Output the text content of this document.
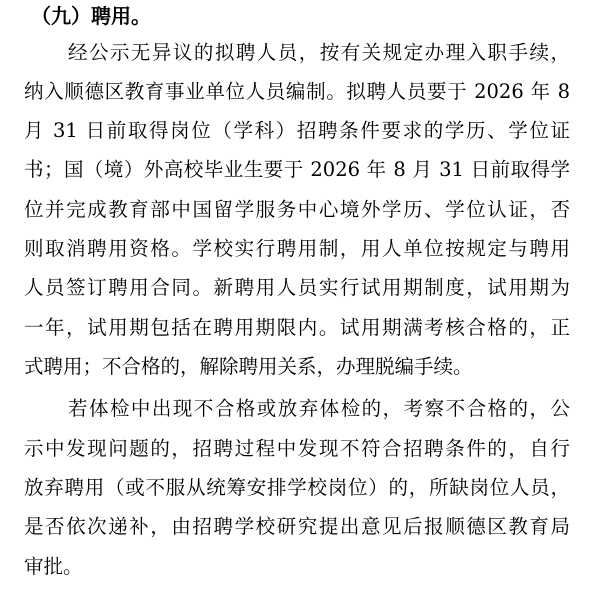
（九）聘用。
经公示无异议的拟聘人员，按有关规定办理入职手续，
纳入顺德区教育事业单位人员编制。拟聘人员要于 2026 年 8
月 31 日前取得岗位（学科）招聘条件要求的学历、学位证
书；国（境）外高校毕业生要于 2026 年 8 月 31 日前取得学
位并完成教育部中国留学服务中心境外学历、学位认证，否
则取消聘用资格。学校实行聘用制，用人单位按规定与聘用
人员签订聘用合同。新聘用人员实行试用期制度，试用期为
一年，试用期包括在聘用期限内。试用期满考核合格的，正
式聘用；不合格的，解除聘用关系，办理脱编手续。
若体检中出现不合格或放弃体检的，考察不合格的，公
示中发现问题的，招聘过程中发现不符合招聘条件的，自行
放弃聘用（或不服从统筹安排学校岗位）的，所缺岗位人员，
是否依次递补，由招聘学校研究提出意见后报顺德区教育局
审批。
